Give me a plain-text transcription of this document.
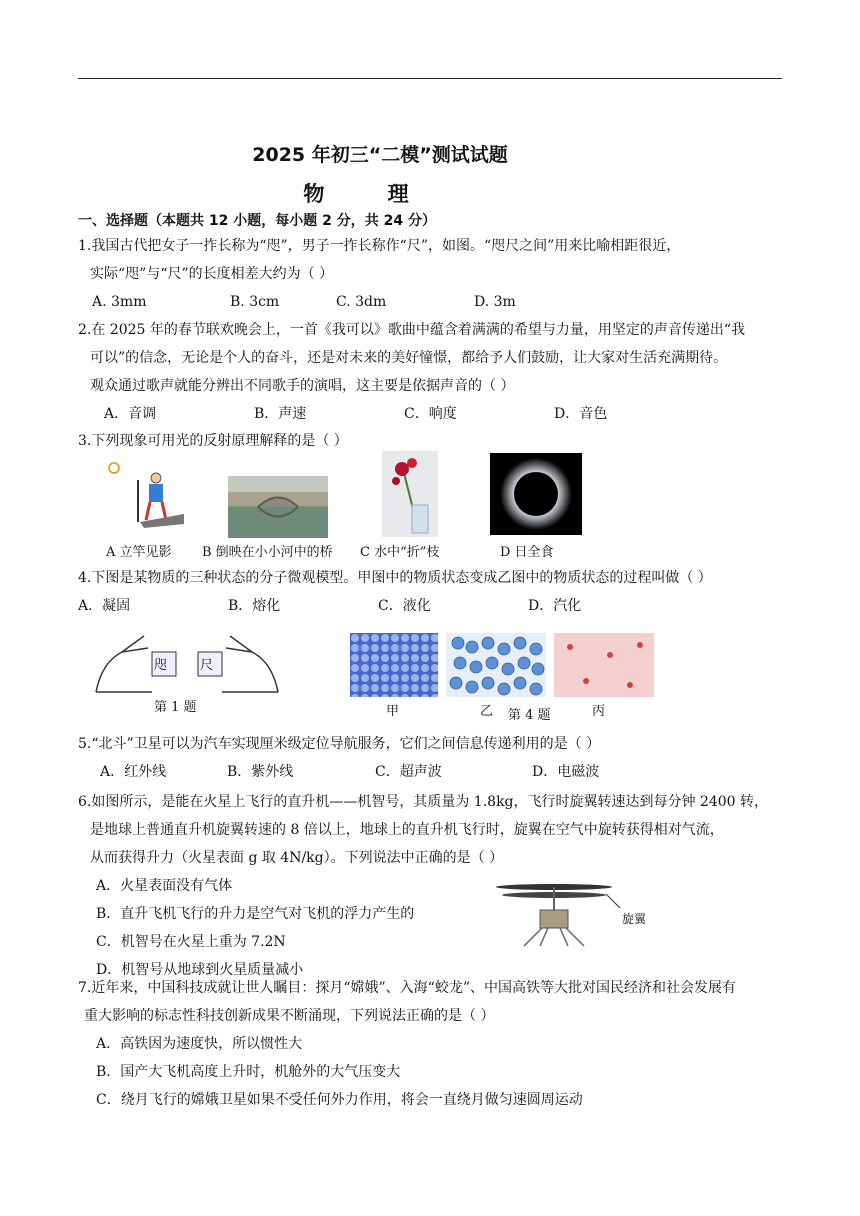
2025 年初三“二模”测试试题
物 理
一、选择题（本题共 12 小题，每小题 2 分，共 24 分）
1.我国古代把女子一拃长称为“咫”，男子一拃长称作“尺”，如图。“咫尺之间”用来比喻相距很近，
实际“咫”与“尺”的长度相差大约为（ ）
A. 3mm	B. 3cm	C. 3dm	D. 3m
2.在 2025 年的春节联欢晚会上，一首《我可以》歌曲中蕴含着满满的希望与力量，用坚定的声音传递出“我
可以”的信念，无论是个人的奋斗，还是对未来的美好憧憬，都给予人们鼓励，让大家对生活充满期待。
观众通过歌声就能分辨出不同歌手的演唱，这主要是依据声音的（ ）
A．音调	B．声速	C．响度	D．音色
3.下列现象可用光的反射原理解释的是（ ）
A 立竿见影 B 倒映在小小河中的桥 C 水中“折”枝	D 日全食
4.下图是某物质的三种状态的分子微观模型。甲图中的物质状态变成乙图中的物质状态的过程叫做（ ）
A．凝固	B．熔化	C．液化	D．汽化
咫	尺
第 1 题	甲	乙 第 4 题	丙
5.“北斗”卫星可以为汽车实现厘米级定位导航服务，它们之间信息传递利用的是（ ）
A．红外线	B．紫外线	C．超声波	D．电磁波
6.如图所示，是能在火星上飞行的直升机——机智号，其质量为 1.8kg，飞行时旋翼转速达到每分钟 2400 转，
是地球上普通直升机旋翼转速的 8 倍以上，地球上的直升机飞行时，旋翼在空气中旋转获得相对气流，
从而获得升力（火星表面 g 取 4N/kg）。下列说法中正确的是（ ）
A．火星表面没有气体
B．直升飞机飞行的升力是空气对飞机的浮力产生的
C．机智号在火星上重为 7.2N
D．机智号从地球到火星质量减小
旋翼
7.近年来，中国科技成就让世人瞩目：探月“嫦娥”、入海“蛟龙”、中国高铁等大批对国民经济和社会发展有
重大影响的标志性科技创新成果不断涌现，下列说法正确的是（ ）
A．高铁因为速度快，所以惯性大
B．国产大飞机高度上升时，机舱外的大气压变大
C．绕月飞行的嫦娥卫星如果不受任何外力作用，将会一直绕月做匀速圆周运动
